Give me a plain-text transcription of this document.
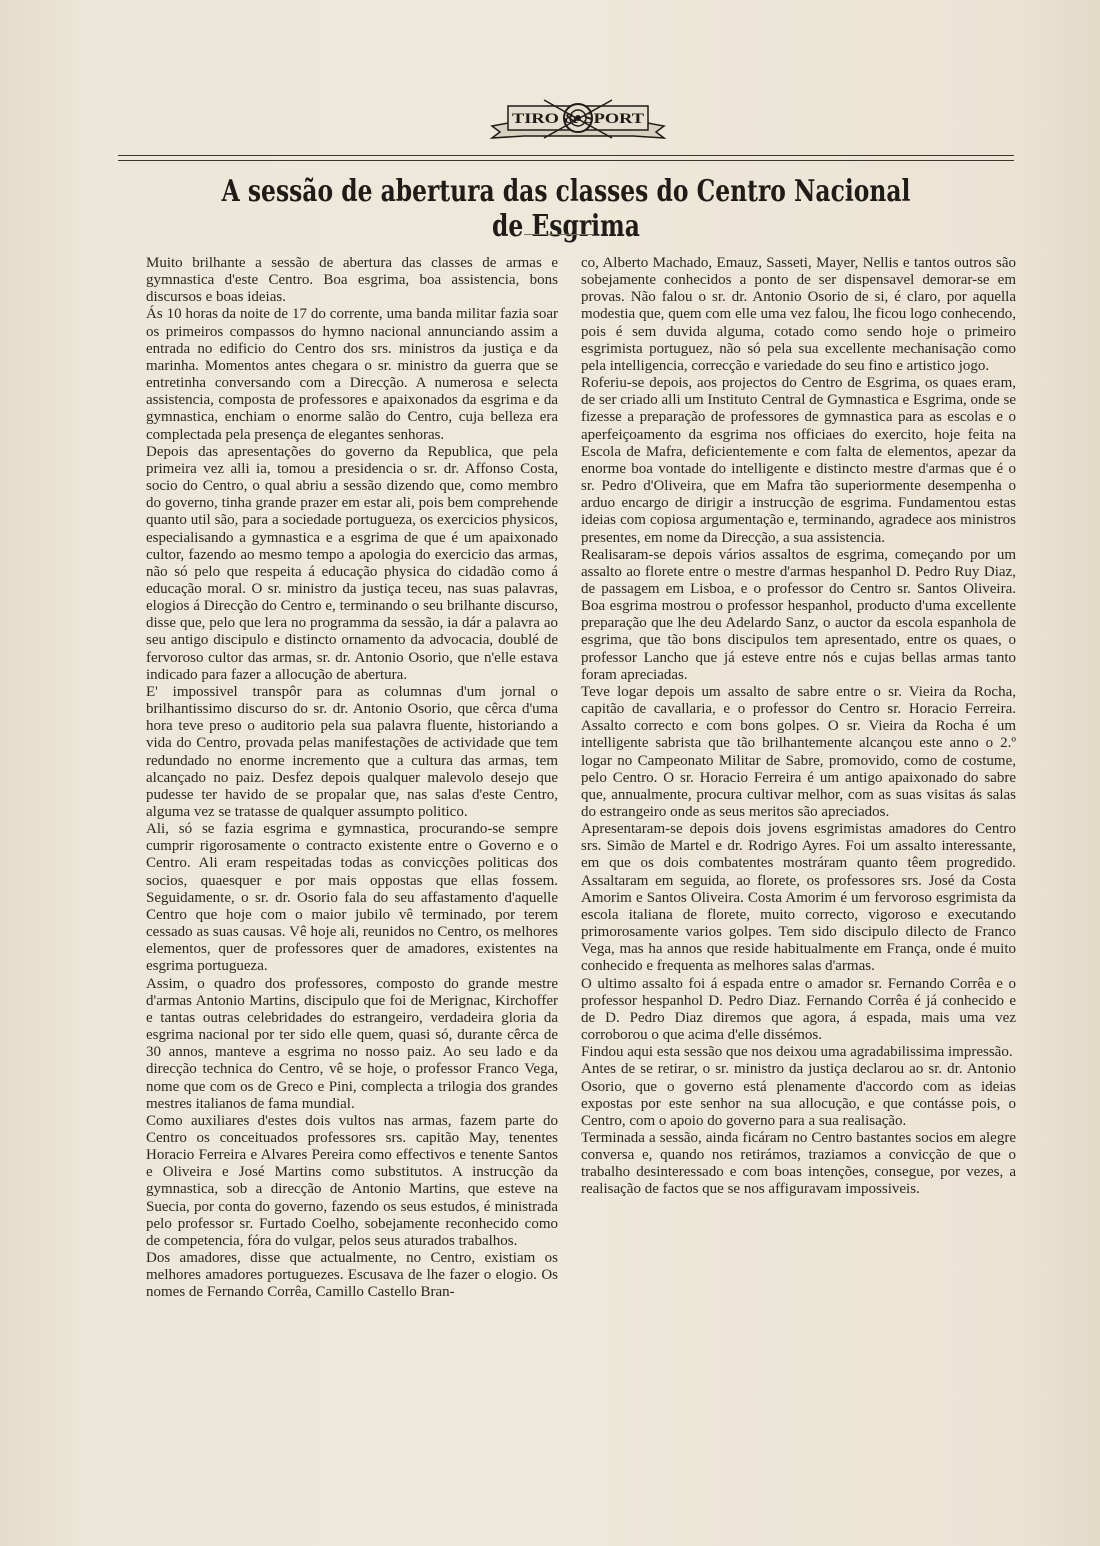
TIRO & SPORT
A sessão de abertura das classes do Centro Nacional de Esgrima

Muito brilhante a sessão de abertura das classes de armas e gymnastica d'este Centro. Boa esgrima, boa assistencia, bons discursos e boas ideias.

Ás 10 horas da noite de 17 do corrente, uma banda militar fazia soar os primeiros compassos do hymno nacional annunciando assim a entrada no edificio do Centro dos srs. ministros da justiça e da marinha. Momentos antes chegara o sr. ministro da guerra que se entretinha conversando com a Direcção. A numerosa e selecta assistencia, composta de professores e apaixonados da esgrima e da gymnastica, enchiam o enorme salão do Centro, cuja belleza era complectada pela presença de elegantes senhoras.

Depois das apresentações do governo da Republica, que pela primeira vez alli ia, tomou a presidencia o sr. dr. Affonso Costa, socio do Centro, o qual abriu a sessão dizendo que, como membro do governo, tinha grande prazer em estar ali, pois bem comprehende quanto util são, para a sociedade portugueza, os exercicios physicos, especialisando a gymnastica e a esgrima de que é um apaixonado cultor, fazendo ao mesmo tempo a apologia do exercicio das armas, não só pelo que respeita á educação physica do cidadão como á educação moral. O sr. ministro da justiça teceu, nas suas palavras, elogios á Direcção do Centro e, terminando o seu brilhante discurso, disse que, pelo que lera no programma da sessão, ia dár a palavra ao seu antigo discipulo e distincto ornamento da advocacia, doublé de fervoroso cultor das armas, sr. dr. Antonio Osorio, que n'elle estava indicado para fazer a allocução de abertura.

E' impossivel transpôr para as columnas d'um jornal o brilhantissimo discurso do sr. dr. Antonio Osorio, que cêrca d'uma hora teve preso o auditorio pela sua palavra fluente, historiando a vida do Centro, provada pelas manifestações de actividade que tem redundado no enorme incremento que a cultura das armas, tem alcançado no paiz. Desfez depois qualquer malevolo desejo que pudesse ter havido de se propalar que, nas salas d'este Centro, alguma vez se tratasse de qualquer assumpto politico.

Ali, só se fazia esgrima e gymnastica, procurando-se sempre cumprir rigorosamente o contracto existente entre o Governo e o Centro. Ali eram respeitadas todas as convicções politicas dos socios, quaesquer e por mais oppostas que ellas fossem. Seguidamente, o sr. dr. Osorio fala do seu affastamento d'aquelle Centro que hoje com o maior jubilo vê terminado, por terem cessado as suas causas. Vê hoje ali, reunidos no Centro, os melhores elementos, quer de professores quer de amadores, existentes na esgrima portugueza.

Assim, o quadro dos professores, composto do grande mestre d'armas Antonio Martins, discipulo que foi de Merignac, Kirchoffer e tantas outras celebridades do estrangeiro, verdadeira gloria da esgrima nacional por ter sido elle quem, quasi só, durante cêrca de 30 annos, manteve a esgrima no nosso paiz. Ao seu lado e da direcção technica do Centro, vê se hoje, o professor Franco Vega, nome que com os de Greco e Pini, complecta a trilogia dos grandes mestres italianos de fama mundial.

Como auxiliares d'estes dois vultos nas armas, fazem parte do Centro os conceituados professores srs. capitão May, tenentes Horacio Ferreira e Alvares Pereira como effectivos e tenente Santos e Oliveira e José Martins como substitutos. A instrucção da gymnastica, sob a direcção de Antonio Martins, que esteve na Suecia, por conta do governo, fazendo os seus estudos, é ministrada pelo professor sr. Furtado Coelho, sobejamente reconhecido como de competencia, fóra do vulgar, pelos seus aturados trabalhos.

Dos amadores, disse que actualmente, no Centro, existiam os melhores amadores portuguezes. Escusava de lhe fazer o elogio. Os nomes de Fernando Corrêa, Camillo Castello Bran-

co, Alberto Machado, Emauz, Sasseti, Mayer, Nellis e tantos outros são sobejamente conhecidos a ponto de ser dispensavel demorar-se em provas. Não falou o sr. dr. Antonio Osorio de si, é claro, por aquella modestia que, quem com elle uma vez falou, lhe ficou logo conhecendo, pois é sem duvida alguma, cotado como sendo hoje o primeiro esgrimista portuguez, não só pela sua excellente mechanisação como pela intelligencia, correcção e variedade do seu fino e artistico jogo.

Roferiu-se depois, aos projectos do Centro de Esgrima, os quaes eram, de ser criado alli um Instituto Central de Gymnastica e Esgrima, onde se fizesse a preparação de professores de gymnastica para as escolas e o aperfeiçoamento da esgrima nos officiaes do exercito, hoje feita na Escola de Mafra, deficientemente e com falta de elementos, apezar da enorme boa vontade do intelligente e distincto mestre d'armas que é o sr. Pedro d'Oliveira, que em Mafra tão superiormente desempenha o arduo encargo de dirigir a instrucção de esgrima. Fundamentou estas ideias com copiosa argumentação e, terminando, agradece aos ministros presentes, em nome da Direcção, a sua assistencia.

Realisaram-se depois vários assaltos de esgrima, começando por um assalto ao florete entre o mestre d'armas hespanhol D. Pedro Ruy Diaz, de passagem em Lisboa, e o professor do Centro sr. Santos Oliveira. Boa esgrima mostrou o professor hespanhol, producto d'uma excellente preparação que lhe deu Adelardo Sanz, o auctor da escola espanhola de esgrima, que tão bons discipulos tem apresentado, entre os quaes, o professor Lancho que já esteve entre nós e cujas bellas armas tanto foram apreciadas.

Teve logar depois um assalto de sabre entre o sr. Vieira da Rocha, capitão de cavallaria, e o professor do Centro sr. Horacio Ferreira. Assalto correcto e com bons golpes. O sr. Vieira da Rocha é um intelligente sabrista que tão brilhantemente alcançou este anno o 2.º logar no Campeonato Militar de Sabre, promovido, como de costume, pelo Centro. O sr. Horacio Ferreira é um antigo apaixonado do sabre que, annualmente, procura cultivar melhor, com as suas visitas ás salas do estrangeiro onde as seus meritos são apreciados.

Apresentaram-se depois dois jovens esgrimistas amadores do Centro srs. Simão de Martel e dr. Rodrigo Ayres. Foi um assalto interessante, em que os dois combatentes mostráram quanto têem progredido. Assaltaram em seguida, ao florete, os professores srs. José da Costa Amorim e Santos Oliveira. Costa Amorim é um fervoroso esgrimista da escola italiana de florete, muito correcto, vigoroso e executando primorosamente varios golpes. Tem sido discipulo dilecto de Franco Vega, mas ha annos que reside habitualmente em França, onde é muito conhecido e frequenta as melhores salas d'armas.

O ultimo assalto foi á espada entre o amador sr. Fernando Corrêa e o professor hespanhol D. Pedro Diaz. Fernando Corrêa é já conhecido e de D. Pedro Diaz diremos que agora, á espada, mais uma vez corroborou o que acima d'elle dissémos.

Findou aqui esta sessão que nos deixou uma agradabilissima impressão.

Antes de se retirar, o sr. ministro da justiça declarou ao sr. dr. Antonio Osorio, que o governo está plenamente d'accordo com as ideias expostas por este senhor na sua allocução, e que contásse pois, o Centro, com o apoio do governo para a sua realisação.

Terminada a sessão, ainda ficáram no Centro bastantes socios em alegre conversa e, quando nos retirámos, traziamos a convicção de que o trabalho desinteressado e com boas intenções, consegue, por vezes, a realisação de factos que se nos affiguravam impossiveis.
